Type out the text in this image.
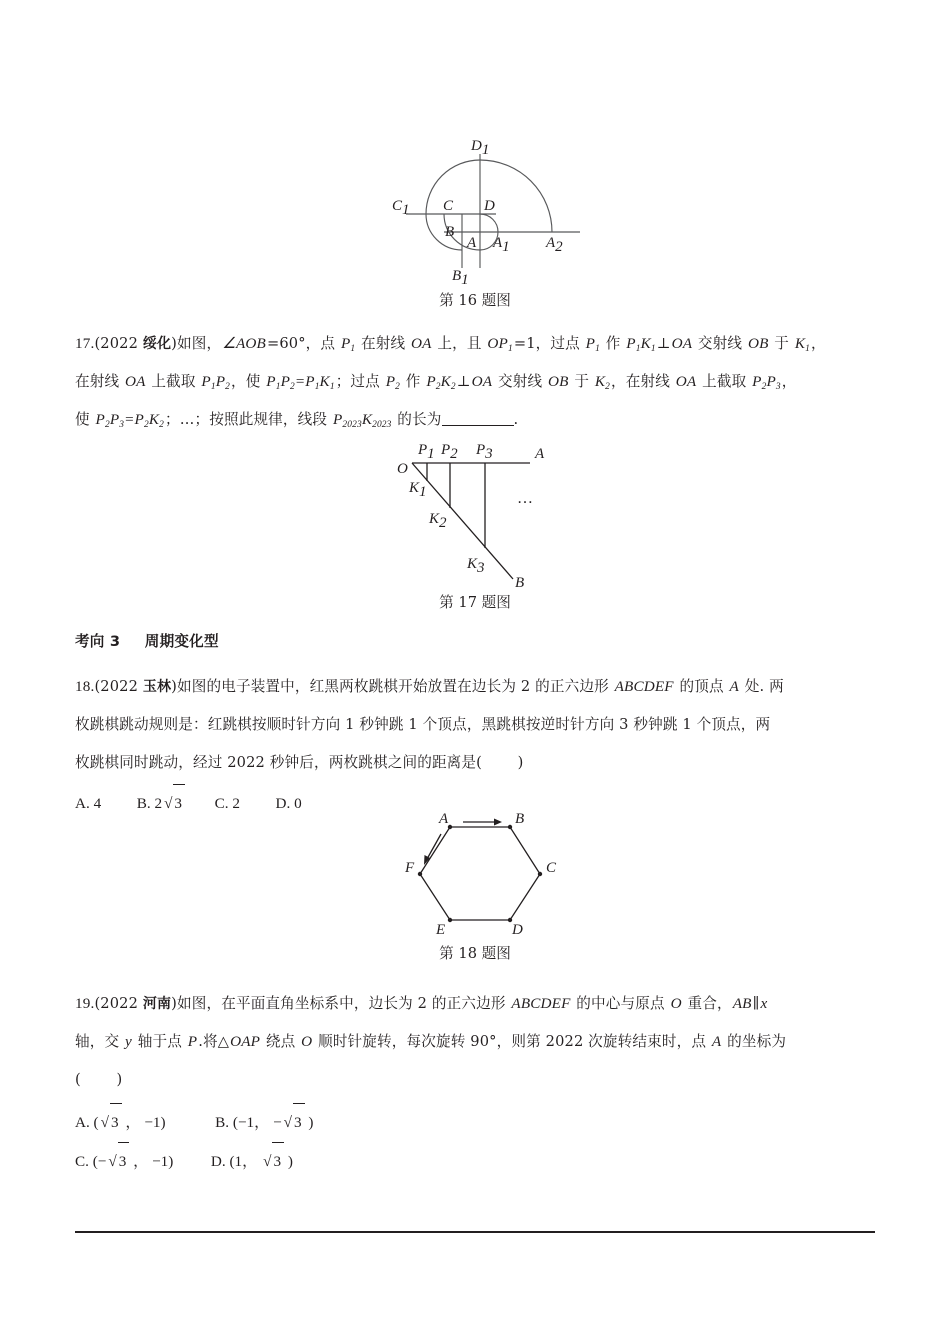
D1
C1 C D
B
A A1 A2
B1
第 16 题图
17.(2022 绥化)如图，∠AOB=60°，点 $P_1$ 在射线 OA 上，且 $OP_1=1$，过点 $P_1$ 作 $P_1K_1\perp OA$ 交射线 OB 于 $K_1$，
在射线 OA 上截取 $P_1P_2$，使 $P_1P_2=P_1K_1$；过点 $P_2$ 作 $P_2K_2\perp OA$ 交射线 OB 于 $K_2$，在射线 OA 上截取 $P_2P_3$，
使 $P_2P_3=P_2K_2$；…；按照此规律，线段 $P_{2023}K_{2023}$ 的长为	.
O
P1 P2 P3	A
K1
K2
K3
B
…
第 17 题图
考向 3 周期变化型
18.(2022 玉林)如图的电子装置中，红黑两枚跳棋开始放置在边长为 2 的正六边形 ABCDEF 的顶点 A 处. 两
枚跳棋跳动规则是：红跳棋按顺时针方向 1 秒钟跳 1 个顶点，黑跳棋按逆时针方向 3 秒钟跳 1 个顶点，两
枚跳棋同时跳动，经过 2022 秒钟后，两枚跳棋之间的距离是( )
A. 4 B. 2 √ 3 C. 2 D. 0
A	B
C
D
E
F
第 18 题图
19.(2022 河南)如图，在平面直角坐标系中，边长为 2 的正六边形 ABCDEF 的中心与原点 O 重合，AB∥x
轴，交 y 轴于点 P.将△OAP 绕点 O 顺时针旋转，每次旋转 90°，则第 2022 次旋转结束时，点 A 的坐标为
( )
A. ( √ 3 ， −1)	B. (−1， − √ 3 )
C. (− √ 3 ， −1) D. (1， √ 3 )
